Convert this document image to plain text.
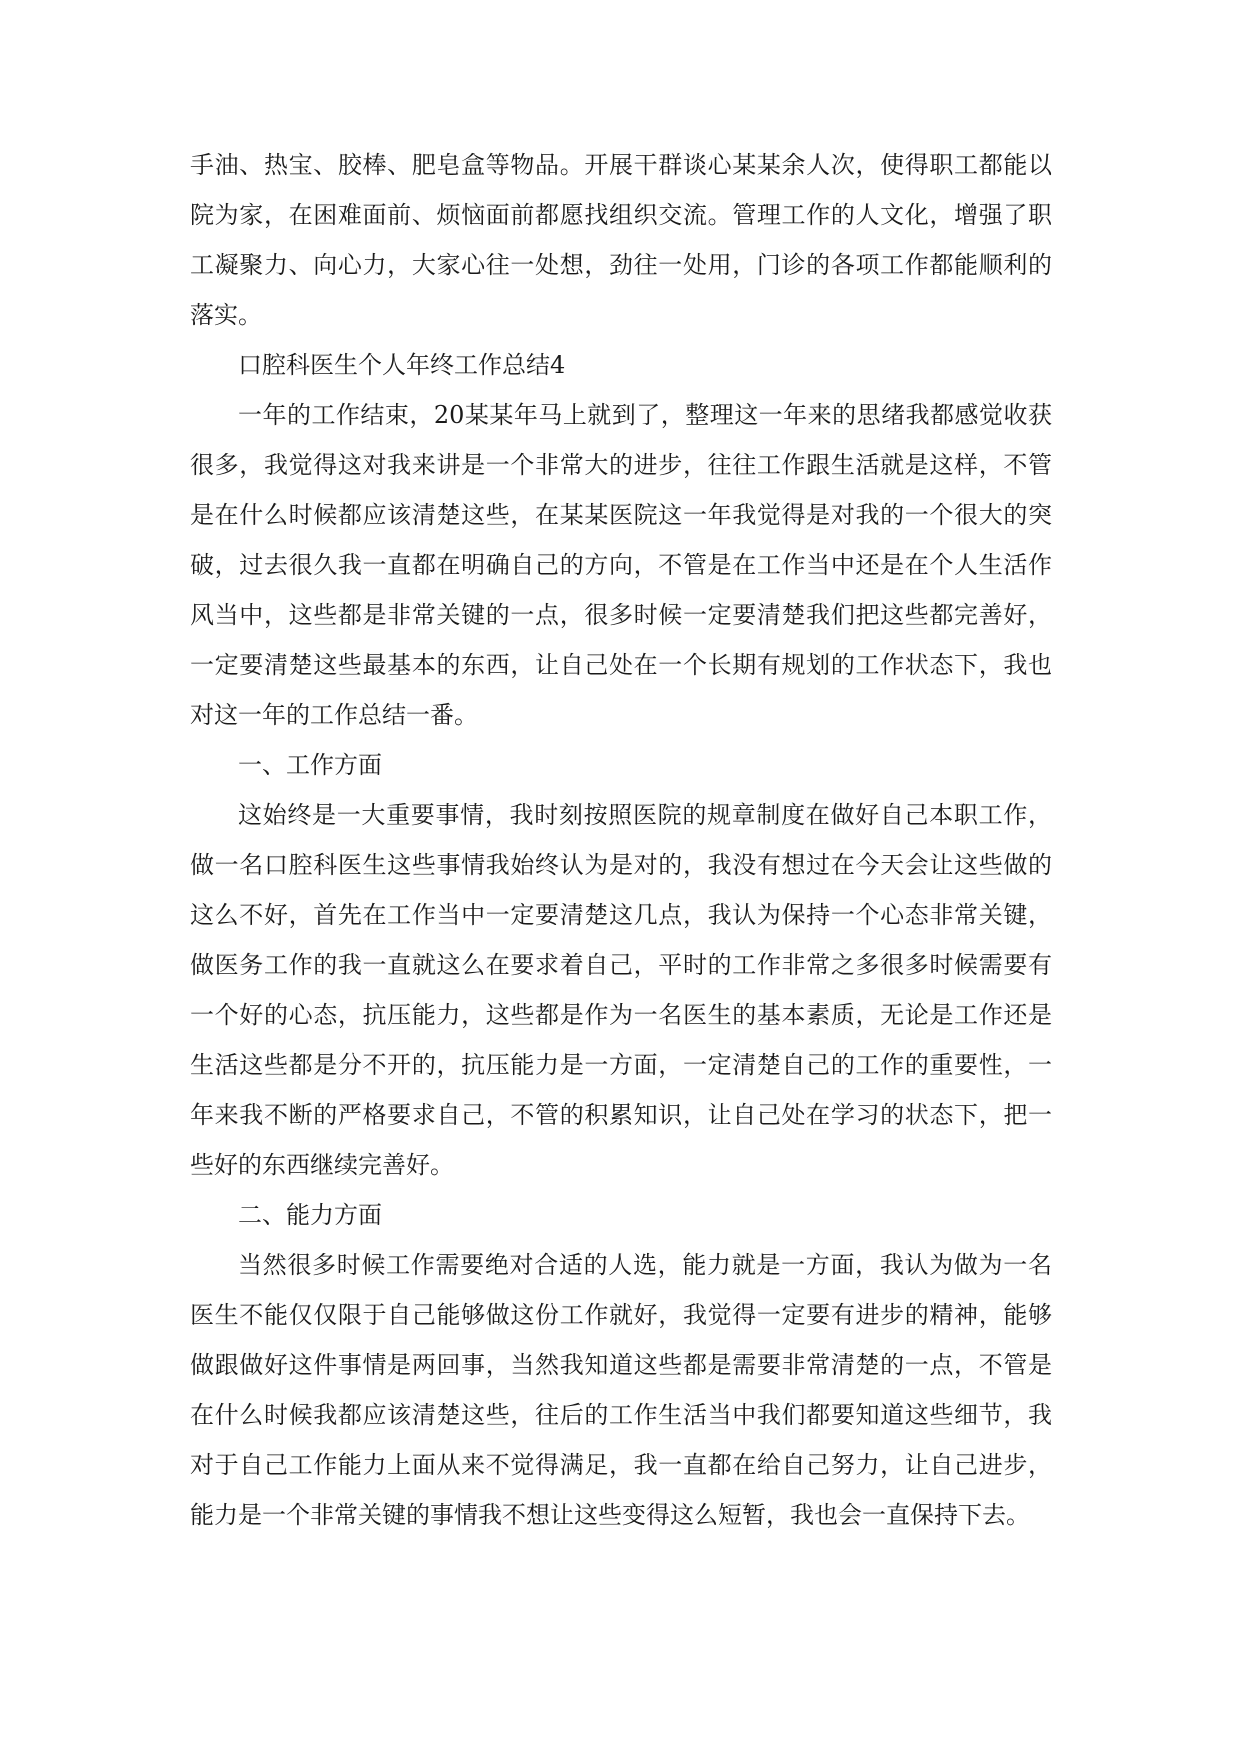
手油、热宝、胶棒、肥皂盒等物品。开展干群谈心某某余人次，使得职工都能以院为家，在困难面前、烦恼面前都愿找组织交流。管理工作的人文化，增强了职工凝聚力、向心力，大家心往一处想，劲往一处用，门诊的各项工作都能顺利的落实。

口腔科医生个人年终工作总结4

一年的工作结束，20某某年马上就到了，整理这一年来的思绪我都感觉收获很多，我觉得这对我来讲是一个非常大的进步，往往工作跟生活就是这样，不管是在什么时候都应该清楚这些，在某某医院这一年我觉得是对我的一个很大的突破，过去很久我一直都在明确自己的方向，不管是在工作当中还是在个人生活作风当中，这些都是非常关键的一点，很多时候一定要清楚我们把这些都完善好，一定要清楚这些最基本的东西，让自己处在一个长期有规划的工作状态下，我也对这一年的工作总结一番。

一、工作方面

这始终是一大重要事情，我时刻按照医院的规章制度在做好自己本职工作，做一名口腔科医生这些事情我始终认为是对的，我没有想过在今天会让这些做的这么不好，首先在工作当中一定要清楚这几点，我认为保持一个心态非常关键，做医务工作的我一直就这么在要求着自己，平时的工作非常之多很多时候需要有一个好的心态，抗压能力，这些都是作为一名医生的基本素质，无论是工作还是生活这些都是分不开的，抗压能力是一方面，一定清楚自己的工作的重要性，一年来我不断的严格要求自己，不管的积累知识，让自己处在学习的状态下，把一些好的东西继续完善好。

二、能力方面

当然很多时候工作需要绝对合适的人选，能力就是一方面，我认为做为一名医生不能仅仅限于自己能够做这份工作就好，我觉得一定要有进步的精神，能够做跟做好这件事情是两回事，当然我知道这些都是需要非常清楚的一点，不管是在什么时候我都应该清楚这些，往后的工作生活当中我们都要知道这些细节，我对于自己工作能力上面从来不觉得满足，我一直都在给自己努力，让自己进步，能力是一个非常关键的事情我不想让这些变得这么短暂，我也会一直保持下去。
